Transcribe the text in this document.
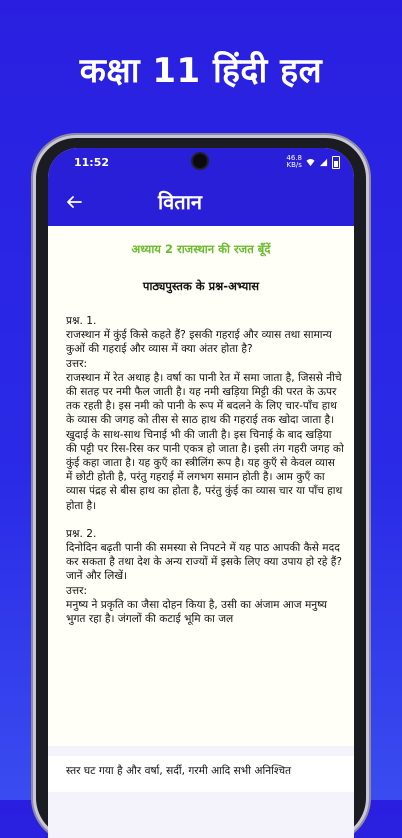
कक्षा 11 हिंदी हल
11:52	46.8
KB/s
वितान
अध्याय 2 राजस्थान की रजत बूँदें
पाठ्यपुस्तक के प्रश्न-अभ्यास

प्रश्न. 1.

राजस्थान में कुंई किसे कहते हैं? इसकी गहराई और व्यास तथा सामान्य कुओं की गहराई और व्यास में क्या अंतर होता है?

उत्तर:

राजस्थान में रेत अथाह है। वर्षा का पानी रेत में समा जाता है, जिससे नीचे की सतह पर नमी फैल जाती है। यह नमी खड़िया मिट्टी की परत के ऊपर तक रहती है। इस नमी को पानी के रूप में बदलने के लिए चार-पाँच हाथ के व्यास की जगह को तीस से साठ हाथ की गहराई तक खोदा जाता है। खुदाई के साथ-साथ चिनाई भी की जाती है। इस चिनाई के बाद खड़िया की पट्टी पर रिस-रिस कर पानी एकत्र हो जाता है। इसी तंग गहरी जगह को कुंई कहा जाता है। यह कुएँ का स्त्रीलिंग रूप है। यह कुएँ से केवल व्यास में छोटी होती है, परंतु गहराई में लगभग समान होती है। आम कुएँ का व्यास पंद्रह से बीस हाथ का होता है, परंतु कुंई का व्यास चार या पाँच हाथ होता है।

प्रश्न. 2.

दिनोदिन बढ़ती पानी की समस्या से निपटने में यह पाठ आपकी कैसे मदद कर सकता है तथा देश के अन्य राज्यों में इसके लिए क्या उपाय हो रहे हैं? जानें और लिखें।

उत्तर:

मनुष्य ने प्रकृति का जैसा दोहन किया है, उसी का अंजाम आज मनुष्य भुगत रहा है। जंगलों की कटाई भूमि का जल

स्तर घट गया है और वर्षा, सर्दी, गरमी आदि सभी अनिश्चित
